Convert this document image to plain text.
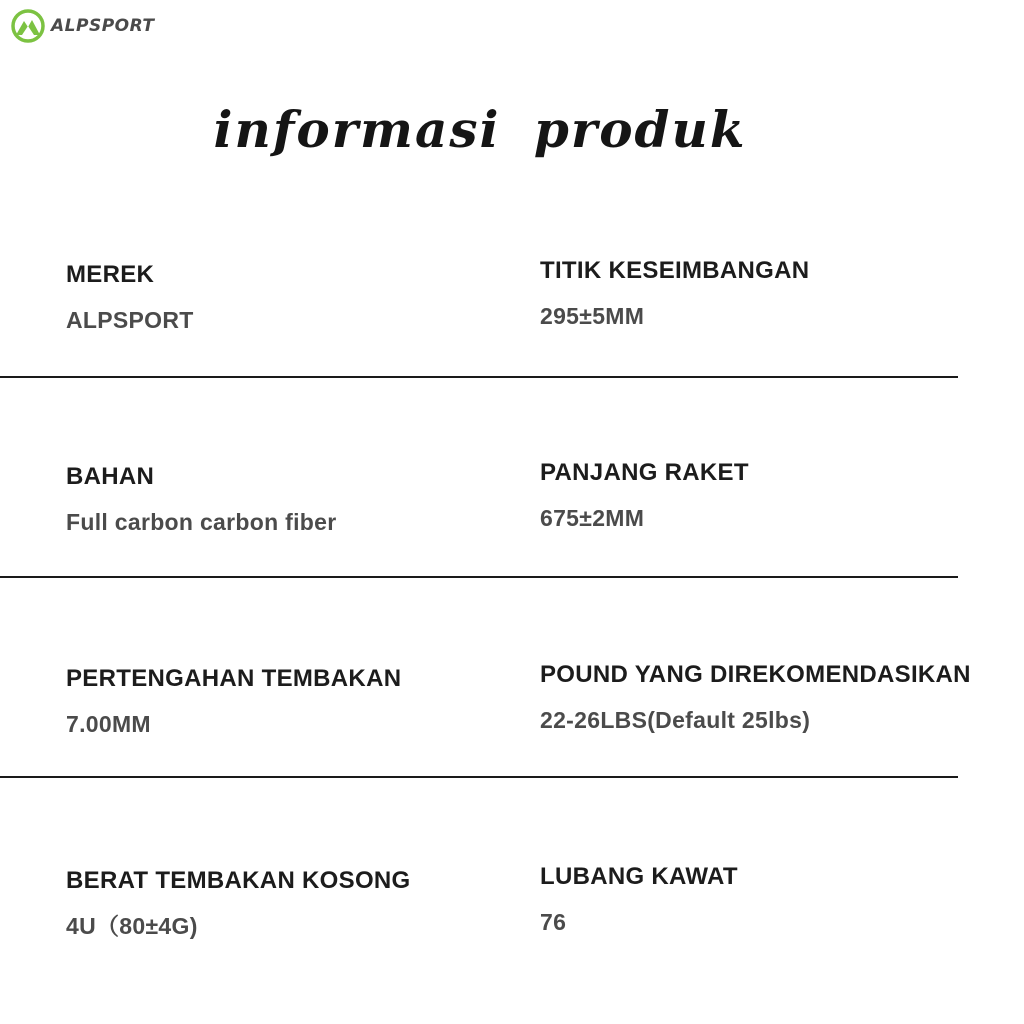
ALPSPORT
informasi produk
MEREK
ALPSPORT
TITIK KESEIMBANGAN
295±5MM
BAHAN
Full carbon carbon fiber
PANJANG RAKET
675±2MM
PERTENGAHAN TEMBAKAN
7.00MM
POUND YANG DIREKOMENDASIKAN
22-26LBS(Default 25lbs)
BERAT TEMBAKAN KOSONG
4U（80±4G)
LUBANG KAWAT
76
